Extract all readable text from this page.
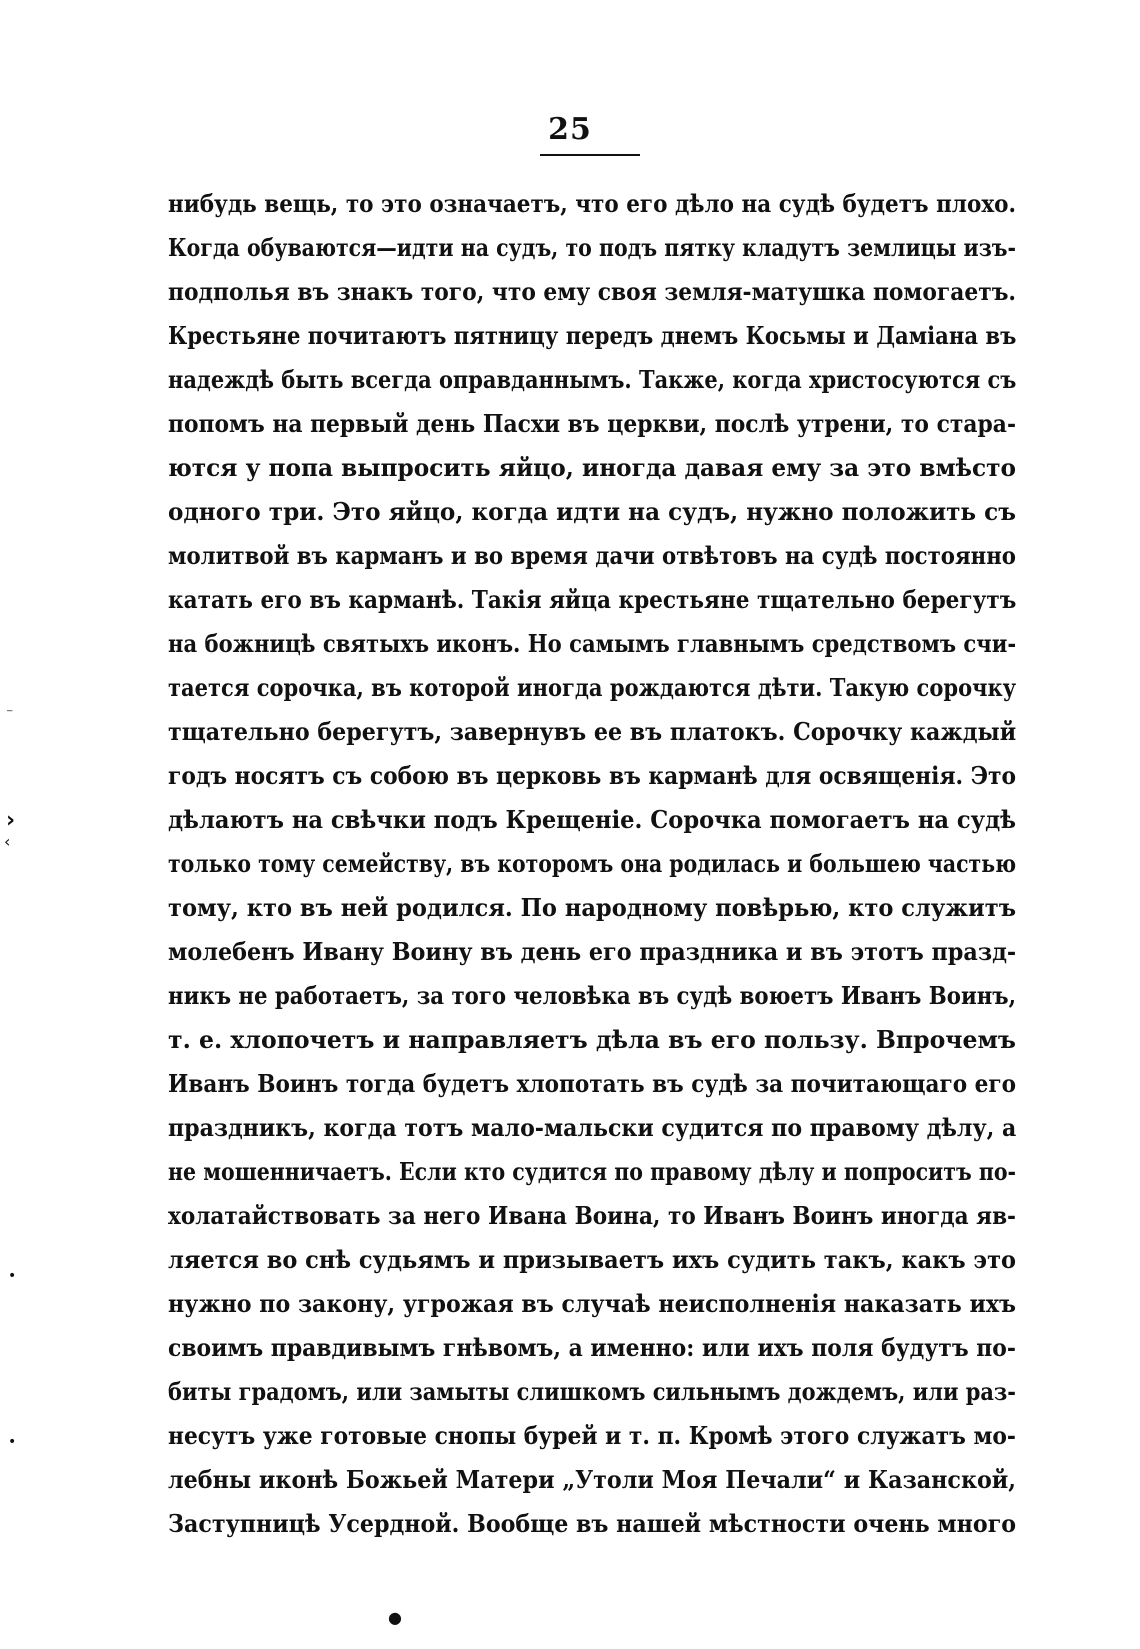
25
нибудь вещь, то это означаетъ, что его дѣло на судѣ будетъ плохо.
Когда обуваются—идти на судъ, то подъ пятку кладутъ землицы изъ-
подполья въ знакъ того, что ему своя земля-матушка помогаетъ.
Крестьяне почитаютъ пятницу передъ днемъ Косьмы и Даміана въ
надеждѣ быть всегда оправданнымъ. Также, когда христосуются съ
попомъ на первый день Пасхи въ церкви, послѣ утрени, то стара-
ются у попа выпросить яйцо, иногда давая ему за это вмѣсто
одного три. Это яйцо, когда идти на судъ, нужно положить съ
молитвой въ карманъ и во время дачи отвѣтовъ на судѣ постоянно
катать его въ карманѣ. Такія яйца крестьяне тщательно берегутъ
на божницѣ святыхъ иконъ. Но самымъ главнымъ средствомъ счи-
тается сорочка, въ которой иногда рождаются дѣти. Такую сорочку
тщательно берегутъ, завернувъ ее въ платокъ. Сорочку каждый
годъ носятъ съ собою въ церковь въ карманѣ для освященія. Это
дѣлаютъ на свѣчки подъ Крещеніе. Сорочка помогаетъ на судѣ
только тому семейству, въ которомъ она родилась и большею частью
тому, кто въ ней родился. По народному повѣрью, кто служитъ
молебенъ Ивану Воину въ день его праздника и въ этотъ празд-
никъ не работаетъ, за того человѣка въ судѣ воюетъ Иванъ Воинъ,
т. е. хлопочетъ и направляетъ дѣла въ его пользу. Впрочемъ
Иванъ Воинъ тогда будетъ хлопотать въ судѣ за почитающаго его
праздникъ, когда тотъ мало-мальски судится по правому дѣлу, а
не мошенничаетъ. Если кто судится по правому дѣлу и попроситъ по-
холатайствовать за него Ивана Воина, то Иванъ Воинъ иногда яв-
ляется во снѣ судьямъ и призываетъ ихъ судить такъ, какъ это
нужно по закону, угрожая въ случаѣ неисполненія наказать ихъ
своимъ правдивымъ гнѣвомъ, а именно: или ихъ поля будутъ по-
биты градомъ, или замыты слишкомъ сильнымъ дождемъ, или раз-
несутъ уже готовые снопы бурей и т. п. Кромѣ этого служатъ мо-
лебны иконѣ Божьей Матери „Утоли Моя Печали“ и Казанской,
Заступницѣ Усердной. Вообще въ нашей мѣстности очень много
⁻
›
‹
•
•
●
